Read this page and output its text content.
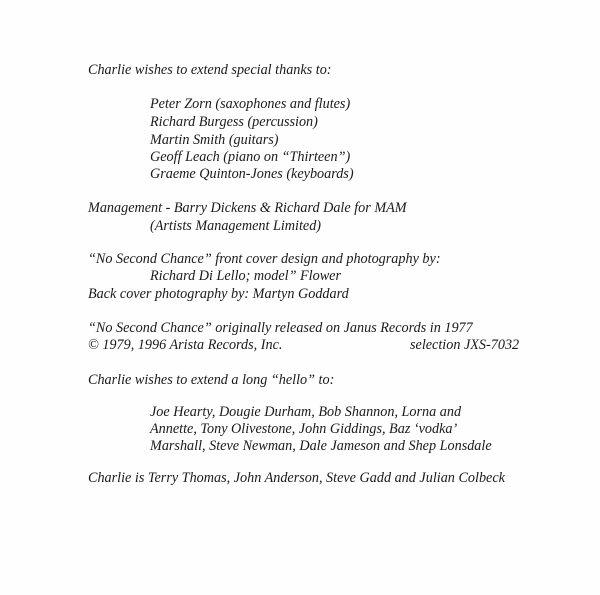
Charlie wishes to extend special thanks to:
Peter Zorn (saxophones and flutes)
Richard Burgess (percussion)
Martin Smith (guitars)
Geoff Leach (piano on “Thirteen”)
Graeme Quinton-Jones (keyboards)
Management - Barry Dickens & Richard Dale for MAM
(Artists Management Limited)
“No Second Chance” front cover design and photography by:
Richard Di Lello; model” Flower
Back cover photography by: Martyn Goddard
“No Second Chance” originally released on Janus Records in 1977
© 1979, 1996 Arista Records, Inc.	selection JXS-7032
Charlie wishes to extend a long “hello” to:
Joe Hearty, Dougie Durham, Bob Shannon, Lorna and
Annette, Tony Olivestone, John Giddings, Baz ‘vodka’
Marshall, Steve Newman, Dale Jameson and Shep Lonsdale
Charlie is Terry Thomas, John Anderson, Steve Gadd and Julian Colbeck
